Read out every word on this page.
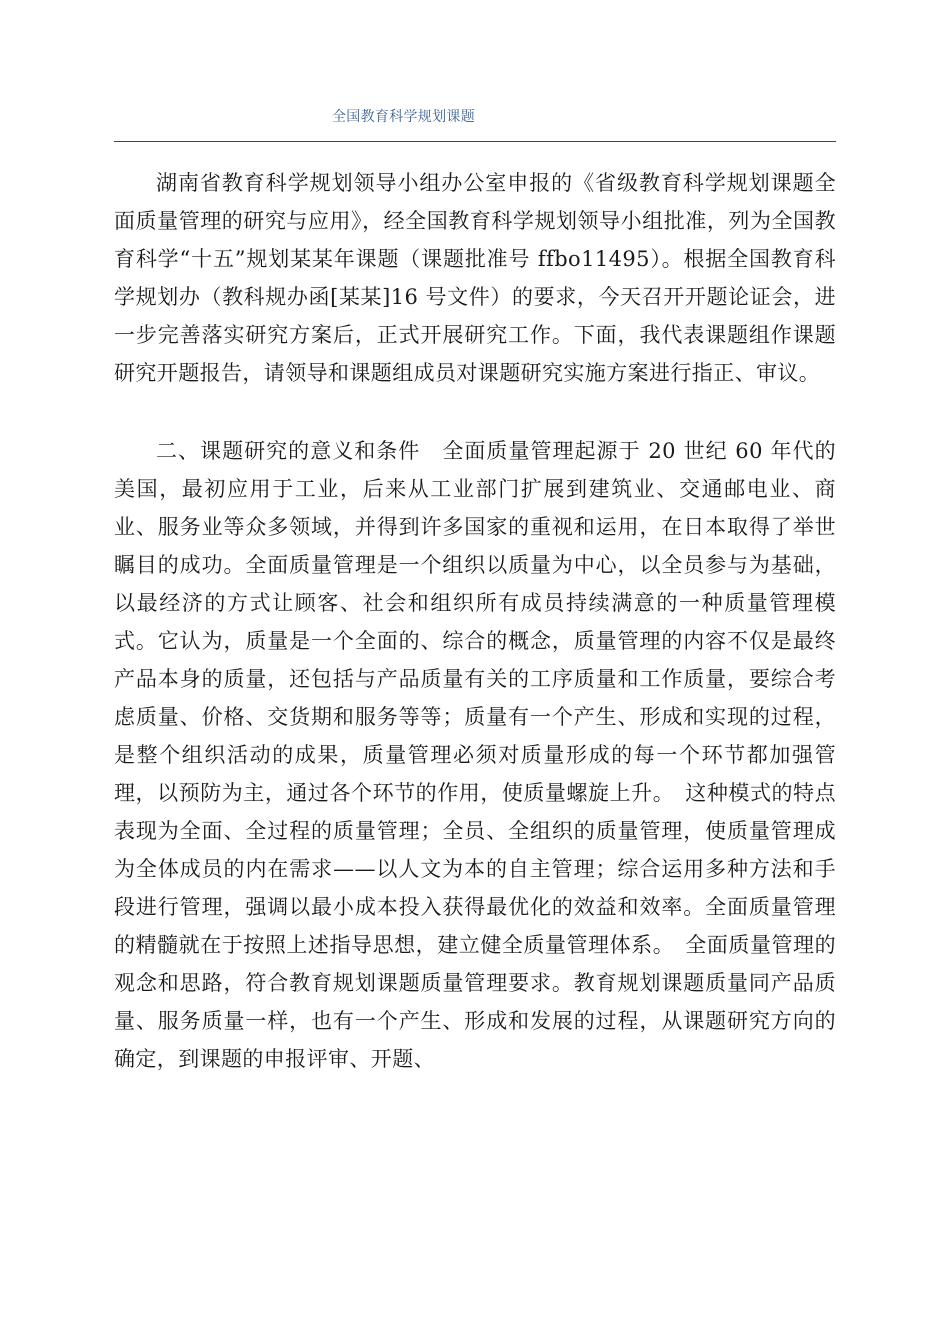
全国教育科学规划课题

湖南省教育科学规划领导小组办公室申报的《省级教育科学规划课题全面质量管理的研究与应用》，经全国教育科学规划领导小组批准，列为全国教育科学“十五”规划某某年课题（课题批准号 ffbo11495）。根据全国教育科学规划办（教科规办函[某某]16 号文件）的要求，今天召开开题论证会，进一步完善落实研究方案后，正式开展研究工作。下面，我代表课题组作课题研究开题报告，请领导和课题组成员对课题研究实施方案进行指正、审议。

二、课题研究的意义和条件　全面质量管理起源于 20 世纪 60 年代的美国，最初应用于工业，后来从工业部门扩展到建筑业、交通邮电业、商业、服务业等众多领域，并得到许多国家的重视和运用，在日本取得了举世瞩目的成功。全面质量管理是一个组织以质量为中心，以全员参与为基础，以最经济的方式让顾客、社会和组织所有成员持续满意的一种质量管理模式。它认为，质量是一个全面的、综合的概念，质量管理的内容不仅是最终产品本身的质量，还包括与产品质量有关的工序质量和工作质量，要综合考虑质量、价格、交货期和服务等等；质量有一个产生、形成和实现的过程，是整个组织活动的成果，质量管理必须对质量形成的每一个环节都加强管理，以预防为主，通过各个环节的作用，使质量螺旋上升。　这种模式的特点表现为全面、全过程的质量管理；全员、全组织的质量管理，使质量管理成为全体成员的内在需求——以人文为本的自主管理；综合运用多种方法和手段进行管理，强调以最小成本投入获得最优化的效益和效率。全面质量管理的精髓就在于按照上述指导思想，建立健全质量管理体系。　全面质量管理的观念和思路，符合教育规划课题质量管理要求。教育规划课题质量同产品质量、服务质量一样，也有一个产生、形成和发展的过程，从课题研究方向的确定，到课题的申报评审、开题、
